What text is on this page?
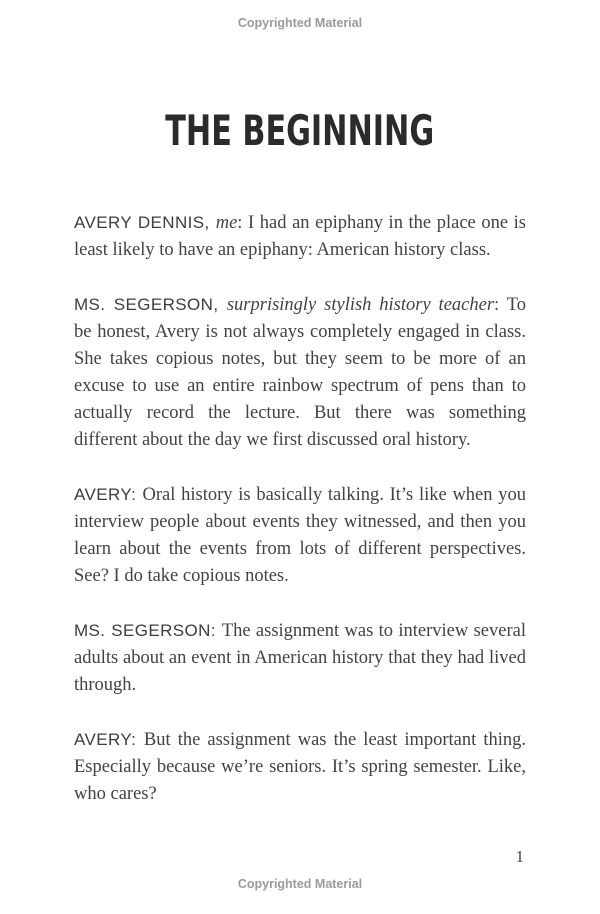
Copyrighted Material
THE BEGINNING

AVERY DENNIS, me: I had an epiphany in the place one is least likely to have an epiphany: American history class.

MS. SEGERSON, surprisingly stylish history teacher: To be honest, Avery is not always completely engaged in class. She takes copious notes, but they seem to be more of an excuse to use an entire rainbow spectrum of pens than to actually record the lecture. But there was something different about the day we first discussed oral history.

AVERY: Oral history is basically talking. It’s like when you interview people about events they witnessed, and then you learn about the events from lots of different perspectives. See? I do take copious notes.

MS. SEGERSON: The assignment was to interview several adults about an event in American history that they had lived through.

AVERY: But the assignment was the least important thing. Especially because we’re seniors. It’s spring semester. Like, who cares?

1
Copyrighted Material
